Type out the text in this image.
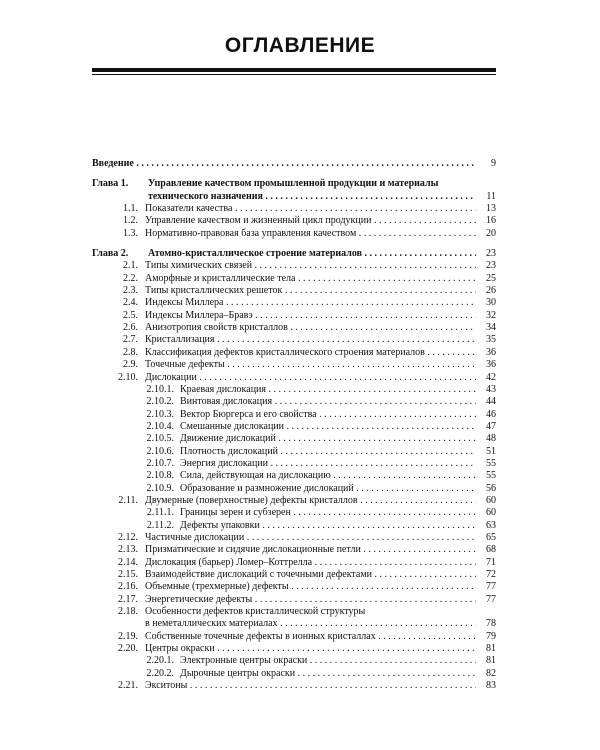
ОГЛАВЛЕНИЕ
Введение . . .	9
Глава 1.	Управление качеством промышленной продукции и материалы
технического назначения . . .	11
1.1. Показатели качества . . .	13
1.2. Управление качеством и жизненный цикл продукции . . .	16
1.3. Нормативно-правовая база управления качеством . . .	20
Глава 2.	Атомно-кристаллическое строение материалов . . .	23
2.1. Типы химических связей . . .	23
2.2. Аморфные и кристаллические тела . . .	25
2.3. Типы кристаллических решеток . . .	26
2.4. Индексы Миллера . . .	30
2.5. Индексы Миллера–Бравэ . . .	32
2.6. Анизотропия свойств кристаллов . . .	34
2.7. Кристаллизация . . .	35
2.8. Классификация дефектов кристаллического строения материалов . . .	36
2.9. Точечные дефекты . . .	36
2.10. Дислокации . . .	42
2.10.1. Краевая дислокация . . .	43
2.10.2. Винтовая дислокация . . .	44
2.10.3. Вектор Бюргерса и его свойства . . .	46
2.10.4. Смешанные дислокации . . .	47
2.10.5. Движение дислокаций . . .	48
2.10.6. Плотность дислокаций . . .	51
2.10.7. Энергия дислокации . . .	55
2.10.8. Сила, действующая на дислокацию . . .	55
2.10.9. Образование и размножение дислокаций . . .	56
2.11. Двумерные (поверхностные) дефекты кристаллов . . .	60
2.11.1. Границы зерен и субзерен . . .	60
2.11.2. Дефекты упаковки . . .	63
2.12. Частичные дислокации . . .	65
2.13. Призматические и сидячие дислокационные петли . . .	68
2.14. Дислокация (барьер) Ломер–Коттрелла . . .	71
2.15. Взаимодействие дислокаций с точечными дефектами . . .	72
2.16. Объемные (трехмерные) дефекты . . .	77
2.17. Энергетические дефекты . . .	77
2.18. Особенности дефектов кристаллической структуры
в неметаллических материалах . . .	78
2.19. Собственные точечные дефекты в ионных кристаллах . . .	79
2.20. Центры окраски . . .	81
2.20.1. Электронные центры окраски . . .	81
2.20.2. Дырочные центры окраски . . .	82
2.21. Экситоны . . .	83
